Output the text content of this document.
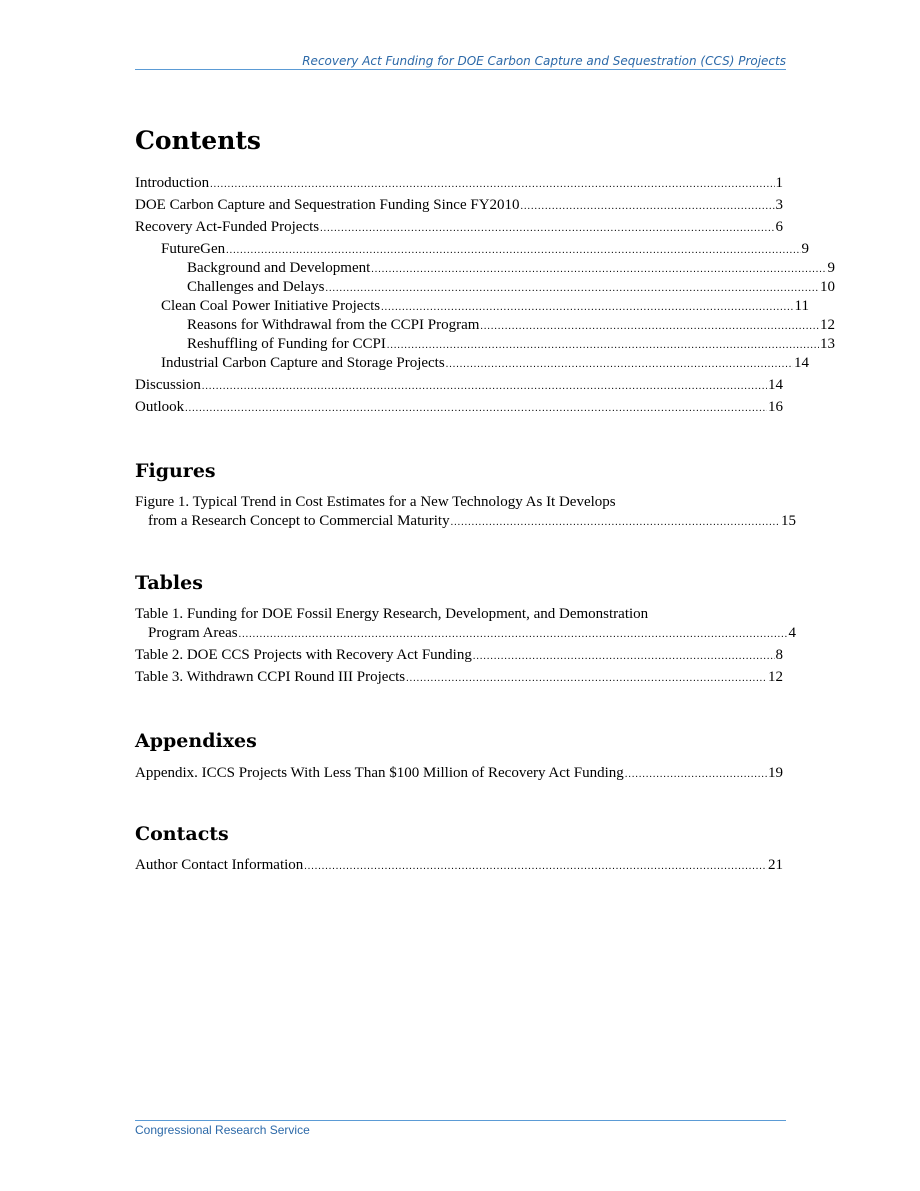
Recovery Act Funding for DOE Carbon Capture and Sequestration (CCS) Projects
Contents
Introduction .....	1
DOE Carbon Capture and Sequestration Funding Since FY2010 .....	3
Recovery Act-Funded Projects .....	6
FutureGen .....	9
Background and Development .....	9
Challenges and Delays .....	10
Clean Coal Power Initiative Projects .....	11
Reasons for Withdrawal from the CCPI Program .....	12
Reshuffling of Funding for CCPI .....	13
Industrial Carbon Capture and Storage Projects .....	14
Discussion .....	14
Outlook .....	16
Figures
Figure 1. Typical Trend in Cost Estimates for a New Technology As It Develops
from a Research Concept to Commercial Maturity .....	15
Tables
Table 1. Funding for DOE Fossil Energy Research, Development, and Demonstration
Program Areas .....	4
Table 2. DOE CCS Projects with Recovery Act Funding .....	8
Table 3. Withdrawn CCPI Round III Projects .....	12
Appendixes
Appendix. ICCS Projects With Less Than $100 Million of Recovery Act Funding .....	19
Contacts
Author Contact Information .....	21
Congressional Research Service
